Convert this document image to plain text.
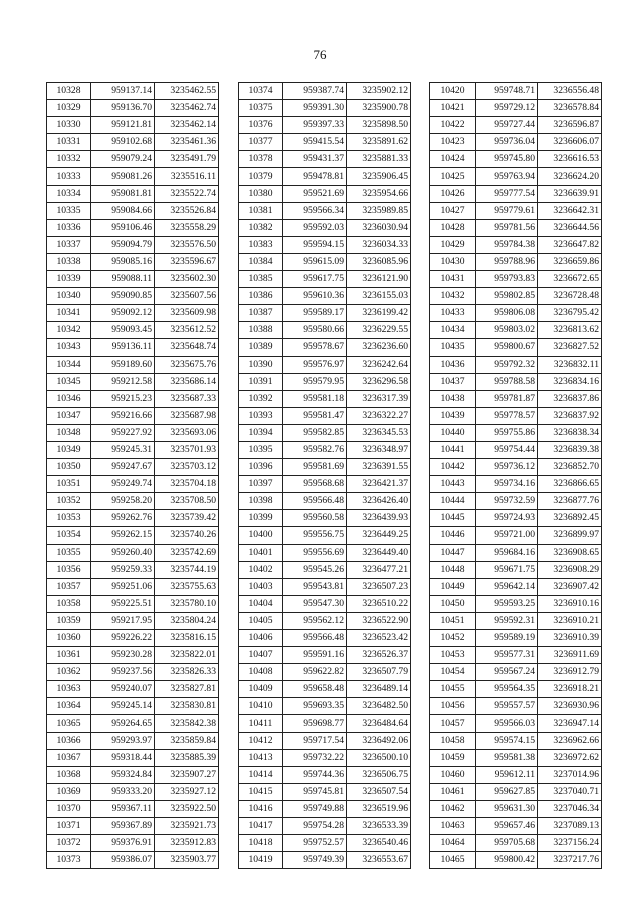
76
10328	959137.14	3235462.55
10329	959136.70	3235462.74
10330	959121.81	3235462.14
10331	959102.68	3235461.36
10332	959079.24	3235491.79
10333	959081.26	3235516.11
10334	959081.81	3235522.74
10335	959084.66	3235526.84
10336	959106.46	3235558.29
10337	959094.79	3235576.50
10338	959085.16	3235596.67
10339	959088.11	3235602.30
10340	959090.85	3235607.56
10341	959092.12	3235609.98
10342	959093.45	3235612.52
10343	959136.11	3235648.74
10344	959189.60	3235675.76
10345	959212.58	3235686.14
10346	959215.23	3235687.33
10347	959216.66	3235687.98
10348	959227.92	3235693.06
10349	959245.31	3235701.93
10350	959247.67	3235703.12
10351	959249.74	3235704.18
10352	959258.20	3235708.50
10353	959262.76	3235739.42
10354	959262.15	3235740.26
10355	959260.40	3235742.69
10356	959259.33	3235744.19
10357	959251.06	3235755.63
10358	959225.51	3235780.10
10359	959217.95	3235804.24
10360	959226.22	3235816.15
10361	959230.28	3235822.01
10362	959237.56	3235826.33
10363	959240.07	3235827.81
10364	959245.14	3235830.81
10365	959264.65	3235842.38
10366	959293.97	3235859.84
10367	959318.44	3235885.39
10368	959324.84	3235907.27
10369	959333.20	3235927.12
10370	959367.11	3235922.50
10371	959367.89	3235921.73
10372	959376.91	3235912.83
10373	959386.07	3235903.77
10374	959387.74	3235902.12
10375	959391.30	3235900.78
10376	959397.33	3235898.50
10377	959415.54	3235891.62
10378	959431.37	3235881.33
10379	959478.81	3235906.45
10380	959521.69	3235954.66
10381	959566.34	3235989.85
10382	959592.03	3236030.94
10383	959594.15	3236034.33
10384	959615.09	3236085.96
10385	959617.75	3236121.90
10386	959610.36	3236155.03
10387	959589.17	3236199.42
10388	959580.66	3236229.55
10389	959578.67	3236236.60
10390	959576.97	3236242.64
10391	959579.95	3236296.58
10392	959581.18	3236317.39
10393	959581.47	3236322.27
10394	959582.85	3236345.53
10395	959582.76	3236348.97
10396	959581.69	3236391.55
10397	959568.68	3236421.37
10398	959566.48	3236426.40
10399	959560.58	3236439.93
10400	959556.75	3236449.25
10401	959556.69	3236449.40
10402	959545.26	3236477.21
10403	959543.81	3236507.23
10404	959547.30	3236510.22
10405	959562.12	3236522.90
10406	959566.48	3236523.42
10407	959591.16	3236526.37
10408	959622.82	3236507.79
10409	959658.48	3236489.14
10410	959693.35	3236482.50
10411	959698.77	3236484.64
10412	959717.54	3236492.06
10413	959732.22	3236500.10
10414	959744.36	3236506.75
10415	959745.81	3236507.54
10416	959749.88	3236519.96
10417	959754.28	3236533.39
10418	959752.57	3236540.46
10419	959749.39	3236553.67
10420	959748.71	3236556.48
10421	959729.12	3236578.84
10422	959727.44	3236596.87
10423	959736.04	3236606.07
10424	959745.80	3236616.53
10425	959763.94	3236624.20
10426	959777.54	3236639.91
10427	959779.61	3236642.31
10428	959781.56	3236644.56
10429	959784.38	3236647.82
10430	959788.96	3236659.86
10431	959793.83	3236672.65
10432	959802.85	3236728.48
10433	959806.08	3236795.42
10434	959803.02	3236813.62
10435	959800.67	3236827.52
10436	959792.32	3236832.11
10437	959788.58	3236834.16
10438	959781.87	3236837.86
10439	959778.57	3236837.92
10440	959755.86	3236838.34
10441	959754.44	3236839.38
10442	959736.12	3236852.70
10443	959734.16	3236866.65
10444	959732.59	3236877.76
10445	959724.93	3236892.45
10446	959721.00	3236899.97
10447	959684.16	3236908.65
10448	959671.75	3236908.29
10449	959642.14	3236907.42
10450	959593.25	3236910.16
10451	959592.31	3236910.21
10452	959589.19	3236910.39
10453	959577.31	3236911.69
10454	959567.24	3236912.79
10455	959564.35	3236918.21
10456	959557.57	3236930.96
10457	959566.03	3236947.14
10458	959574.15	3236962.66
10459	959581.38	3236972.62
10460	959612.11	3237014.96
10461	959627.85	3237040.71
10462	959631.30	3237046.34
10463	959657.46	3237089.13
10464	959705.68	3237156.24
10465	959800.42	3237217.76
